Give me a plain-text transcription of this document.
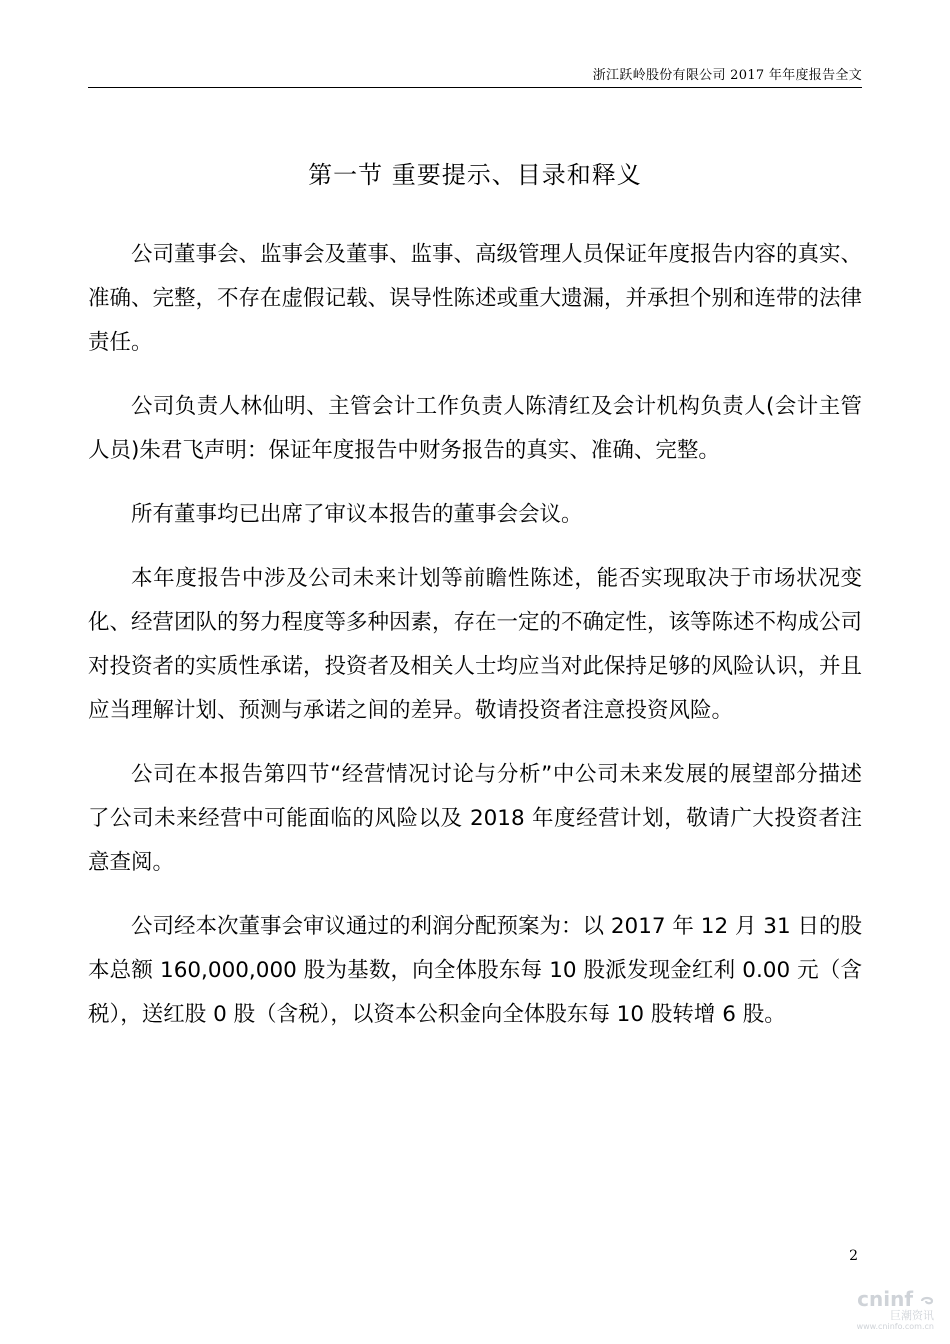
浙江跃岭股份有限公司 2017 年年度报告全文
第一节 重要提示、目录和释义

公司董事会、监事会及董事、监事、高级管理人员保证年度报告内容的真实、准确、完整，不存在虚假记载、误导性陈述或重大遗漏，并承担个别和连带的法律责任。

公司负责人林仙明、主管会计工作负责人陈清红及会计机构负责人(会计主管人员)朱君飞声明：保证年度报告中财务报告的真实、准确、完整。

所有董事均已出席了审议本报告的董事会会议。

本年度报告中涉及公司未来计划等前瞻性陈述，能否实现取决于市场状况变化、经营团队的努力程度等多种因素，存在一定的不确定性，该等陈述不构成公司对投资者的实质性承诺，投资者及相关人士均应当对此保持足够的风险认识，并且应当理解计划、预测与承诺之间的差异。敬请投资者注意投资风险。

公司在本报告第四节“经营情况讨论与分析”中公司未来发展的展望部分描述了公司未来经营中可能面临的风险以及 2018 年度经营计划，敬请广大投资者注意查阅。

公司经本次董事会审议通过的利润分配预案为：以 2017 年 12 月 31 日的股本总额 160,000,000 股为基数，向全体股东每 10 股派发现金红利 0.00 元（含税），送红股 0 股（含税），以资本公积金向全体股东每 10 股转增 6 股。

2
cninf
巨潮资讯
www.cninfo.com.cn
